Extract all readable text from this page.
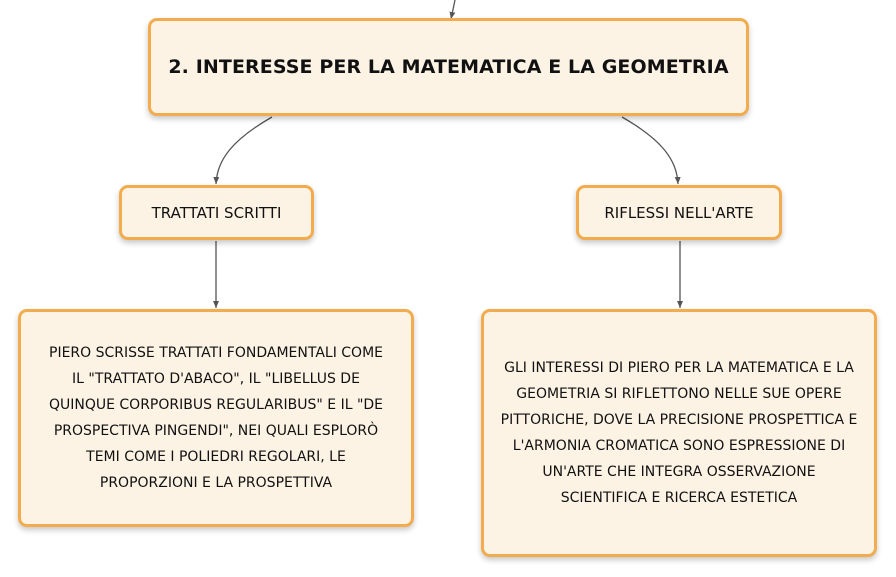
2. INTERESSE PER LA MATEMATICA E LA GEOMETRIA
TRATTATI SCRITTI	RIFLESSI NELL'ARTE
PIERO SCRISSE TRATTATI FONDAMENTALI COME IL "TRATTATO D'ABACO", IL "LIBELLUS DE QUINQUE CORPORIBUS REGULARIBUS" E IL "DE PROSPECTIVA PINGENDI", NEI QUALI ESPLORÒ TEMI COME I POLIEDRI REGOLARI, LE PROPORZIONI E LA PROSPETTIVA
GLI INTERESSI DI PIERO PER LA MATEMATICA E LA GEOMETRIA SI RIFLETTONO NELLE SUE OPERE PITTORICHE, DOVE LA PRECISIONE PROSPETTICA E L'ARMONIA CROMATICA SONO ESPRESSIONE DI UN'ARTE CHE INTEGRA OSSERVAZIONE SCIENTIFICA E RICERCA ESTETICA
